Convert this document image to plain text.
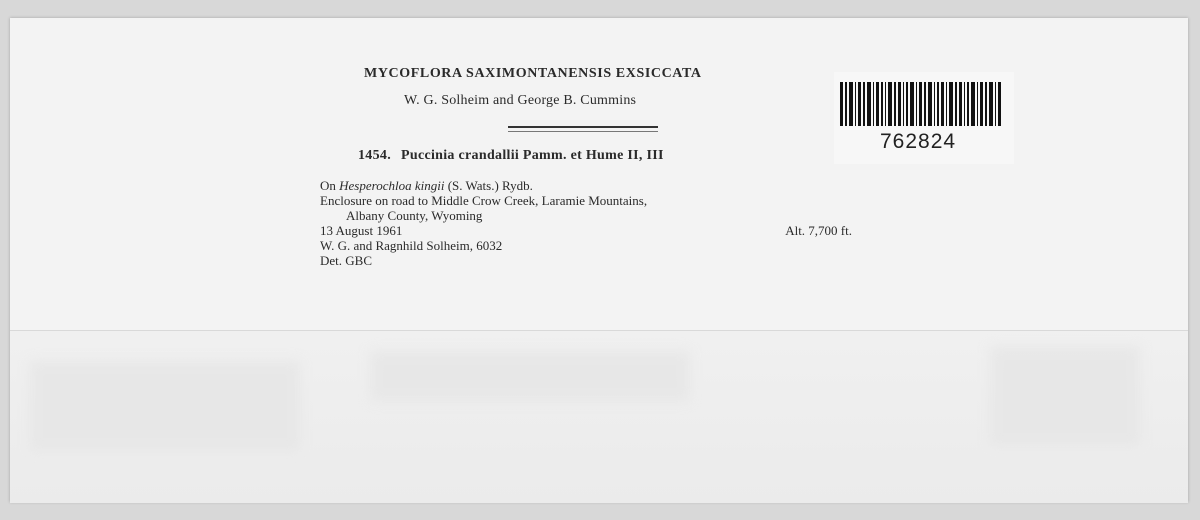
MYCOFLORA SAXIMONTANENSIS EXSICCATA
W. G. Solheim and George B. Cummins
1454. Puccinia crandallii Pamm. et Hume II, III
On Hesperochloa kingii (S. Wats.) Rydb.
Enclosure on road to Middle Crow Creek, Laramie Mountains,
Albany County, Wyoming
13 August 1961	Alt. 7,700 ft.
W. G. and Ragnhild Solheim, 6032
Det. GBC
762824
